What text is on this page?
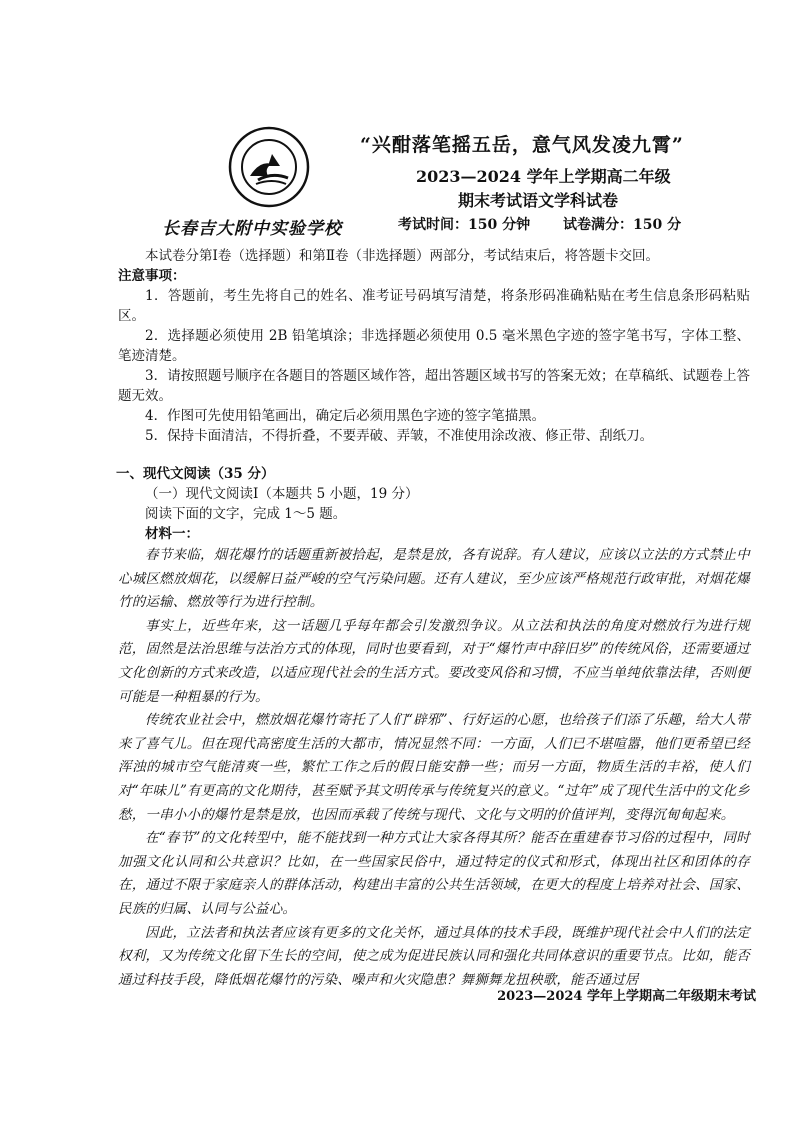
长春吉大附中实验学校
“兴酣落笔摇五岳，意气风发凌九霄”
2023—2024 学年上学期高二年级
期末考试语文学科试卷
考试时间：150 分钟 试卷满分：150 分

本试卷分第Ⅰ卷（选择题）和第Ⅱ卷（非选择题）两部分，考试结束后，将答题卡交回。

注意事项：

1．答题前，考生先将自己的姓名、准考证号码填写清楚，将条形码准确粘贴在考生信息条形码粘贴区。

2．选择题必须使用 2B 铅笔填涂；非选择题必须使用 0.5 毫米黑色字迹的签字笔书写，字体工整、笔迹清楚。

3．请按照题号顺序在各题目的答题区域作答，超出答题区域书写的答案无效；在草稿纸、试题卷上答题无效。

4．作图可先使用铅笔画出，确定后必须用黑色字迹的签字笔描黑。

5．保持卡面清洁，不得折叠，不要弄破、弄皱，不准使用涂改液、修正带、刮纸刀。

一、现代文阅读（35 分）

（一）现代文阅读Ⅰ（本题共 5 小题，19 分）

阅读下面的文字，完成 1～5 题。

材料一：

春节来临，烟花爆竹的话题重新被拾起，是禁是放，各有说辞。有人建议，应该以立法的方式禁止中心城区燃放烟花，以缓解日益严峻的空气污染问题。还有人建议，至少应该严格规范行政审批，对烟花爆竹的运输、燃放等行为进行控制。

事实上，近些年来，这一话题几乎每年都会引发激烈争议。从立法和执法的角度对燃放行为进行规范，固然是法治思维与法治方式的体现，同时也要看到，对于“爆竹声中辞旧岁”的传统风俗，还需要通过文化创新的方式来改造，以适应现代社会的生活方式。要改变风俗和习惯，不应当单纯依靠法律，否则便可能是一种粗暴的行为。

传统农业社会中，燃放烟花爆竹寄托了人们“辟邪”、行好运的心愿，也给孩子们添了乐趣，给大人带来了喜气儿。但在现代高密度生活的大都市，情况显然不同：一方面，人们已不堪喧嚣，他们更希望已经浑浊的城市空气能清爽一些，繁忙工作之后的假日能安静一些；而另一方面，物质生活的丰裕，使人们对“年味儿”有更高的文化期待，甚至赋予其文明传承与传统复兴的意义。“过年”成了现代生活中的文化乡愁，一串小小的爆竹是禁是放，也因而承载了传统与现代、文化与文明的价值评判，变得沉甸甸起来。

在“春节”的文化转型中，能不能找到一种方式让大家各得其所？能否在重建春节习俗的过程中，同时加强文化认同和公共意识？比如，在一些国家民俗中，通过特定的仪式和形式，体现出社区和团体的存在，通过不限于家庭亲人的群体活动，构建出丰富的公共生活领域，在更大的程度上培养对社会、国家、民族的归属、认同与公益心。

因此，立法者和执法者应该有更多的文化关怀，通过具体的技术手段，既维护现代社会中人们的法定权利，又为传统文化留下生长的空间，使之成为促进民族认同和强化共同体意识的重要节点。比如，能否通过科技手段，降低烟花爆竹的污染、噪声和火灾隐患？舞狮舞龙扭秧歌，能否通过居

2023—2024 学年上学期高二年级期末考试
